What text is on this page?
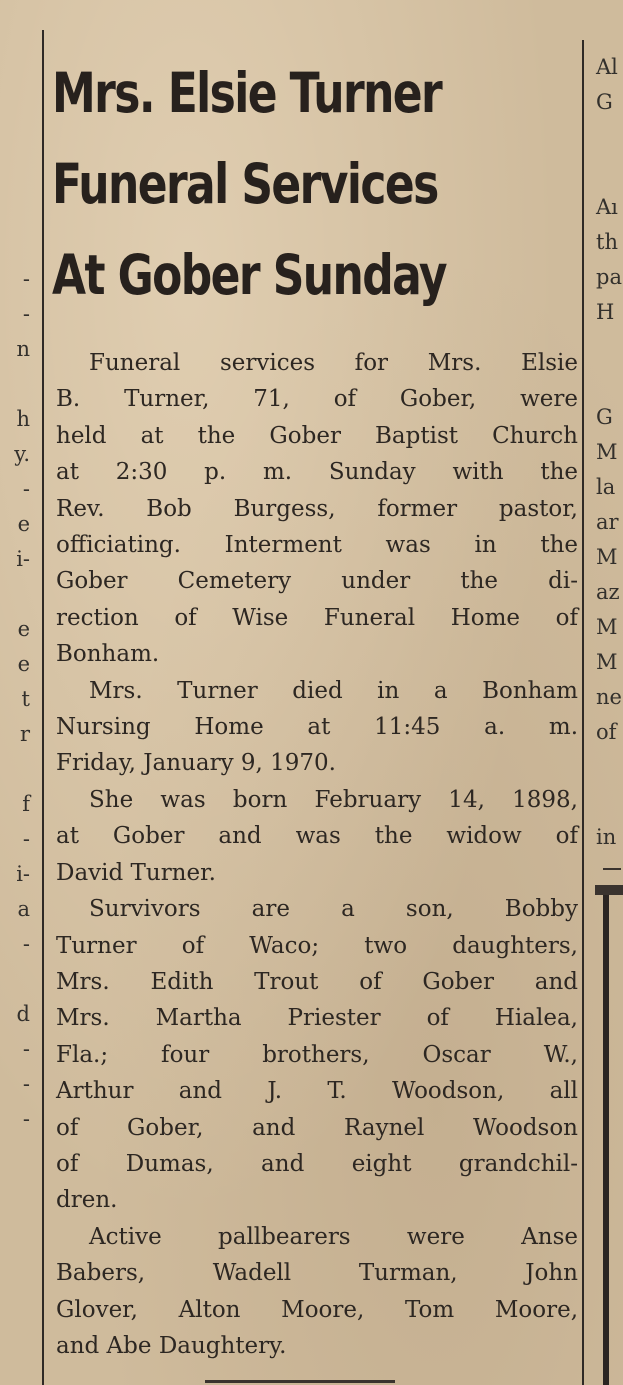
Mrs. Elsie Turner
Funeral Services
At Gober Sunday
Funeral services for Mrs. Elsie
B. Turner, 71, of Gober, were
held at the Gober Baptist Church
at 2:30 p. m. Sunday with the
Rev. Bob Burgess, former pastor,
officiating. Interment was in the
Gober Cemetery under the di-
rection of Wise Funeral Home of
Bonham.
Mrs. Turner died in a Bonham
Nursing Home at 11:45 a. m.
Friday, January 9, 1970.
She was born February 14, 1898,
at Gober and was the widow of
David Turner.
Survivors are a son, Bobby
Turner of Waco; two daughters,
Mrs. Edith Trout of Gober and
Mrs. Martha Priester of Hialea,
Fla.; four brothers, Oscar W.,
Arthur and J. T. Woodson, all
of Gober, and Raynel Woodson
of Dumas, and eight grandchil-
dren.
Active pallbearers were Anse
Babers, Wadell Turman, John
Glover, Alton Moore, Tom Moore,
and Abe Daughtery.
-
-
n
h
y.
-
e
i-
e
e
t
r
f
-
i-
a
-
d
-
-
-
Al
G
Aı
th
pa
H
G
M
la
ar
M
az
M
M
ne
of
in
